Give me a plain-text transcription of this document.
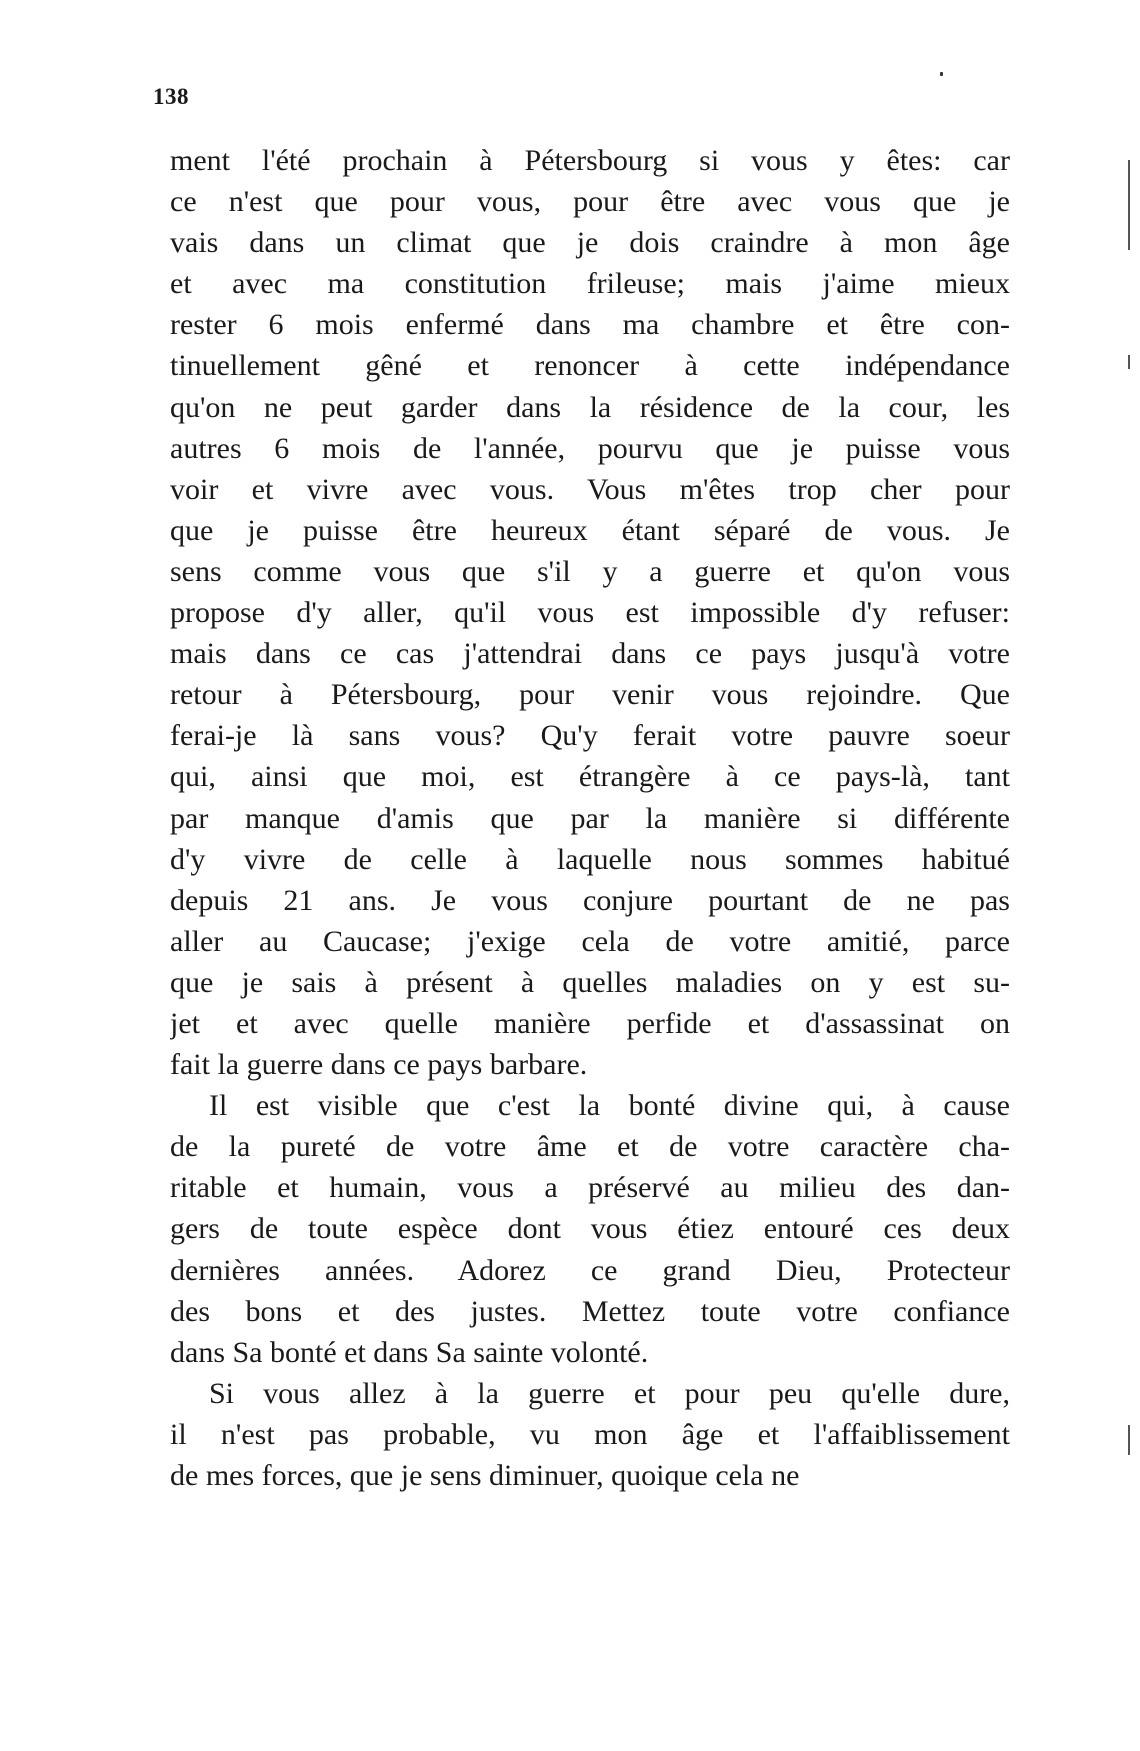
138
ment l'été prochain à Pétersbourg si vous y êtes: car
ce n'est que pour vous, pour être avec vous que je
vais dans un climat que je dois craindre à mon âge
et avec ma constitution frileuse; mais j'aime mieux
rester 6 mois enfermé dans ma chambre et être con-
tinuellement gêné et renoncer à cette indépendance
qu'on ne peut garder dans la résidence de la cour, les
autres 6 mois de l'année, pourvu que je puisse vous
voir et vivre avec vous. Vous m'êtes trop cher pour
que je puisse être heureux étant séparé de vous. Je
sens comme vous que s'il y a guerre et qu'on vous
propose d'y aller, qu'il vous est impossible d'y refuser:
mais dans ce cas j'attendrai dans ce pays jusqu'à votre
retour à Pétersbourg, pour venir vous rejoindre. Que
ferai-je là sans vous? Qu'y ferait votre pauvre soeur
qui, ainsi que moi, est étrangère à ce pays-là, tant
par manque d'amis que par la manière si différente
d'y vivre de celle à laquelle nous sommes habitué
depuis 21 ans. Je vous conjure pourtant de ne pas
aller au Caucase; j'exige cela de votre amitié, parce
que je sais à présent à quelles maladies on y est su-
jet et avec quelle manière perfide et d'assassinat on
fait la guerre dans ce pays barbare.
Il est visible que c'est la bonté divine qui, à cause
de la pureté de votre âme et de votre caractère cha-
ritable et humain, vous a préservé au milieu des dan-
gers de toute espèce dont vous étiez entouré ces deux
dernières années. Adorez ce grand Dieu, Protecteur
des bons et des justes. Mettez toute votre confiance
dans Sa bonté et dans Sa sainte volonté.
Si vous allez à la guerre et pour peu qu'elle dure,
il n'est pas probable, vu mon âge et l'affaiblissement
de mes forces, que je sens diminuer, quoique cela ne
